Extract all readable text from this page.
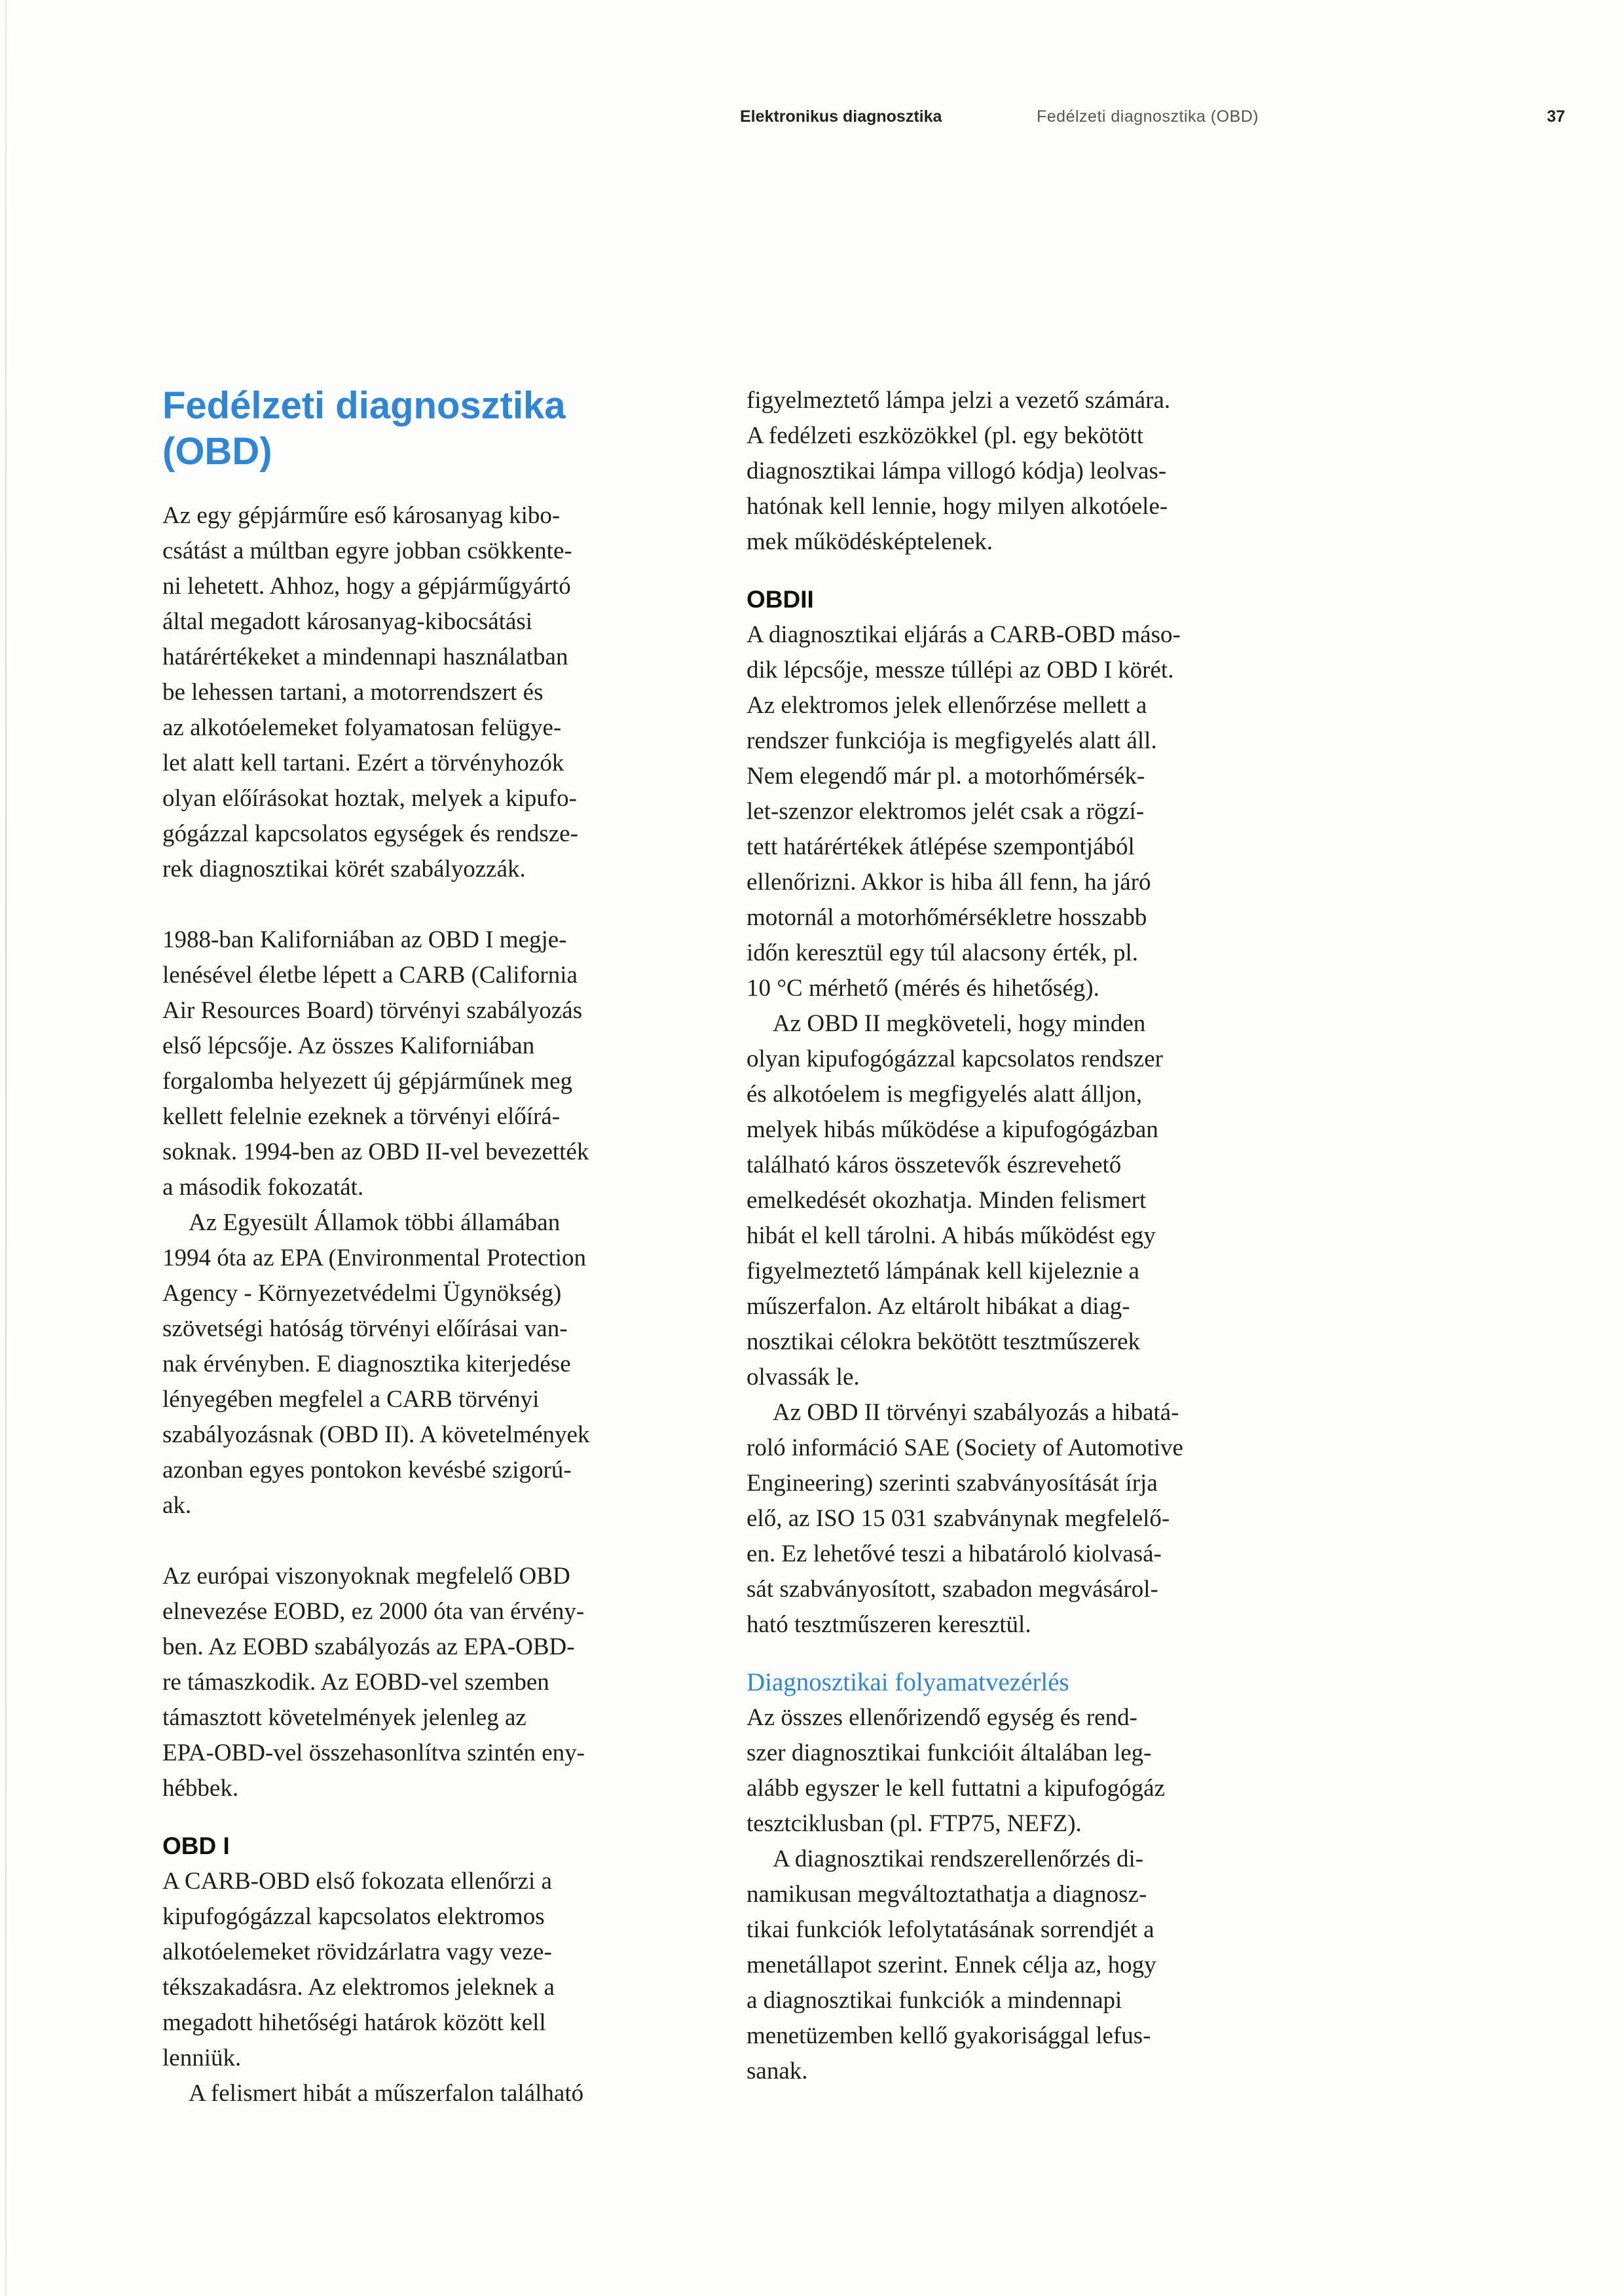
Elektronikus diagnosztika	Fedélzeti diagnosztika (OBD)	37
Fedélzeti diagnosztika
(OBD)

Az egy gépjárműre eső károsanyag kibo-
csátást a múltban egyre jobban csökkente-
ni lehetett. Ahhoz, hogy a gépjárműgyártó
által megadott károsanyag-kibocsátási
határértékeket a mindennapi használatban
be lehessen tartani, a motorrendszert és
az alkotóelemeket folyamatosan felügye-
let alatt kell tartani. Ezért a törvényhozók
olyan előírásokat hoztak, melyek a kipufo-
gógázzal kapcsolatos egységek és rendsze-
rek diagnosztikai körét szabályozzák.

1988-ban Kaliforniában az OBD I megje-
lenésével életbe lépett a CARB (California
Air Resources Board) törvényi szabályozás
első lépcsője. Az összes Kaliforniában
forgalomba helyezett új gépjárműnek meg
kellett felelnie ezeknek a törvényi előírá-
soknak. 1994-ben az OBD II-vel bevezették
a második fokozatát.

Az Egyesült Államok többi államában
1994 óta az EPA (Environmental Protection
Agency - Környezetvédelmi Ügynökség)
szövetségi hatóság törvényi előírásai van-
nak érvényben. E diagnosztika kiterjedése
lényegében megfelel a CARB törvényi
szabályozásnak (OBD II). A követelmények
azonban egyes pontokon kevésbé szigorú-
ak.

Az európai viszonyoknak megfelelő OBD
elnevezése EOBD, ez 2000 óta van érvény-
ben. Az EOBD szabályozás az EPA-OBD-
re támaszkodik. Az EOBD-vel szemben
támasztott követelmények jelenleg az
EPA-OBD-vel összehasonlítva szintén eny-
hébbek.

OBD I

A CARB-OBD első fokozata ellenőrzi a
kipufogógázzal kapcsolatos elektromos
alkotóelemeket rövidzárlatra vagy veze-
tékszakadásra. Az elektromos jeleknek a
megadott hihetőségi határok között kell
lenniük.

A felismert hibát a műszerfalon található

figyelmeztető lámpa jelzi a vezető számára.
A fedélzeti eszközökkel (pl. egy bekötött
diagnosztikai lámpa villogó kódja) leolvas-
hatónak kell lennie, hogy milyen alkotóele-
mek működésképtelenek.

OBDII

A diagnosztikai eljárás a CARB-OBD máso-
dik lépcsője, messze túllépi az OBD I körét.
Az elektromos jelek ellenőrzése mellett a
rendszer funkciója is megfigyelés alatt áll.
Nem elegendő már pl. a motorhőmérsék-
let-szenzor elektromos jelét csak a rögzí-
tett határértékek átlépése szempontjából
ellenőrizni. Akkor is hiba áll fenn, ha járó
motornál a motorhőmérsékletre hosszabb
időn keresztül egy túl alacsony érték, pl.
10 °C mérhető (mérés és hihetőség).

Az OBD II megköveteli, hogy minden
olyan kipufogógázzal kapcsolatos rendszer
és alkotóelem is megfigyelés alatt álljon,
melyek hibás működése a kipufogógázban
található káros összetevők észrevehető
emelkedését okozhatja. Minden felismert
hibát el kell tárolni. A hibás működést egy
figyelmeztető lámpának kell kijeleznie a
műszerfalon. Az eltárolt hibákat a diag-
nosztikai célokra bekötött tesztműszerek
olvassák le.

Az OBD II törvényi szabályozás a hibatá-
roló információ SAE (Society of Automotive
Engineering) szerinti szabványosítását írja
elő, az ISO 15 031 szabványnak megfelelő-
en. Ez lehetővé teszi a hibatároló kiolvasá-
sát szabványosított, szabadon megvásárol-
ható tesztműszeren keresztül.

Diagnosztikai folyamatvezérlés

Az összes ellenőrizendő egység és rend-
szer diagnosztikai funkcióit általában leg-
alább egyszer le kell futtatni a kipufogógáz
tesztciklusban (pl. FTP75, NEFZ).

A diagnosztikai rendszerellenőrzés di-
namikusan megváltoztathatja a diagnosz-
tikai funkciók lefolytatásának sorrendjét a
menetállapot szerint. Ennek célja az, hogy
a diagnosztikai funkciók a mindennapi
menetüzemben kellő gyakorisággal lefus-
sanak.
